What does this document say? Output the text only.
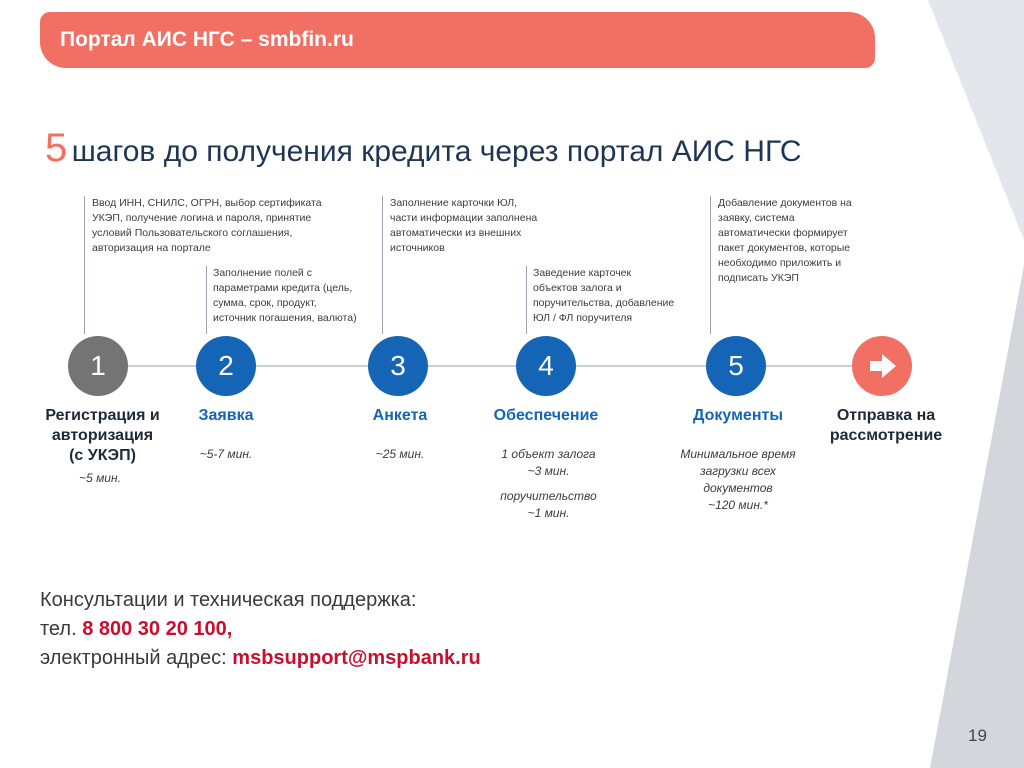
Портал АИС НГС – smbfin.ru
5 шагов до получения кредита через портал АИС НГС
Ввод ИНН, СНИЛС, ОГРН, выбор сертификата
УКЭП, получение логина и пароля, принятие
условий Пользовательского соглашения,
авторизация на портале
Заполнение полей с
параметрами кредита (цель,
сумма, срок, продукт,
источник погашения, валюта)
Заполнение карточки ЮЛ,
части информации заполнена
автоматически из внешних
источников
Заведение карточек
объектов залога и
поручительства, добавление
ЮЛ / ФЛ поручителя
Добавление документов на
заявку, система
автоматически формирует
пакет документов, которые
необходимо приложить и
подписать УКЭП
1	2	3	4	5
Регистрация и
авторизация
(с УКЭП)
Заявка	Анкета	Обеспечение	Документы	Отправка на
рассмотрение
~5 мин.
~5-7 мин.	~25 мин.	1 объект залога
~3 мин.
поручительство
~1 мин.
Минимальное время
загрузки всех
документов
~120 мин.*
Консультации и техническая поддержка:
тел. 8 800 30 20 100,
электронный адрес: msbsupport@mspbank.ru
19
